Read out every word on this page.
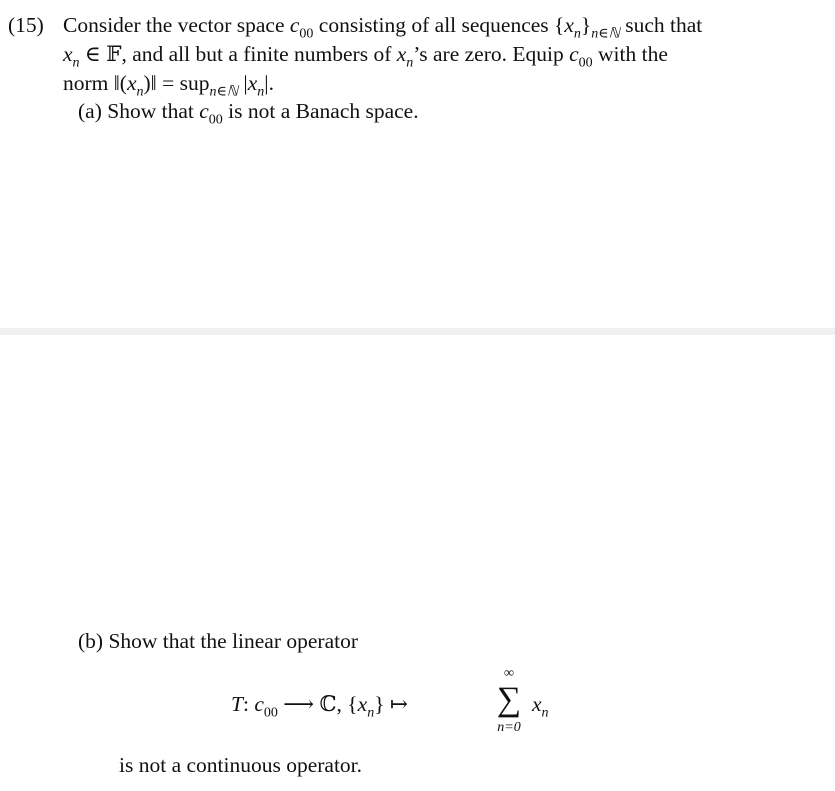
(15) Consider the vector space $c_{00}$ consisting of all sequences $\{x_n\}_{n\in ℕ}$ such that
$x_n$ ∈ 𝔽, and all but a finite numbers of $x_n’s$ are zero. Equip $c_{00}$ with the
norm $‖(x_n)‖ = sup_{n\in ℕ}$ $|x_n|$.
(a) Show that $c_{00}$ is not a Banach space.
(b) Show that the linear operator
T: $c_{00}$ ⟶ ℂ, $\{x_n\}$ ↦
∞
∑
n=0
$x_n$
is not a continuous operator.
